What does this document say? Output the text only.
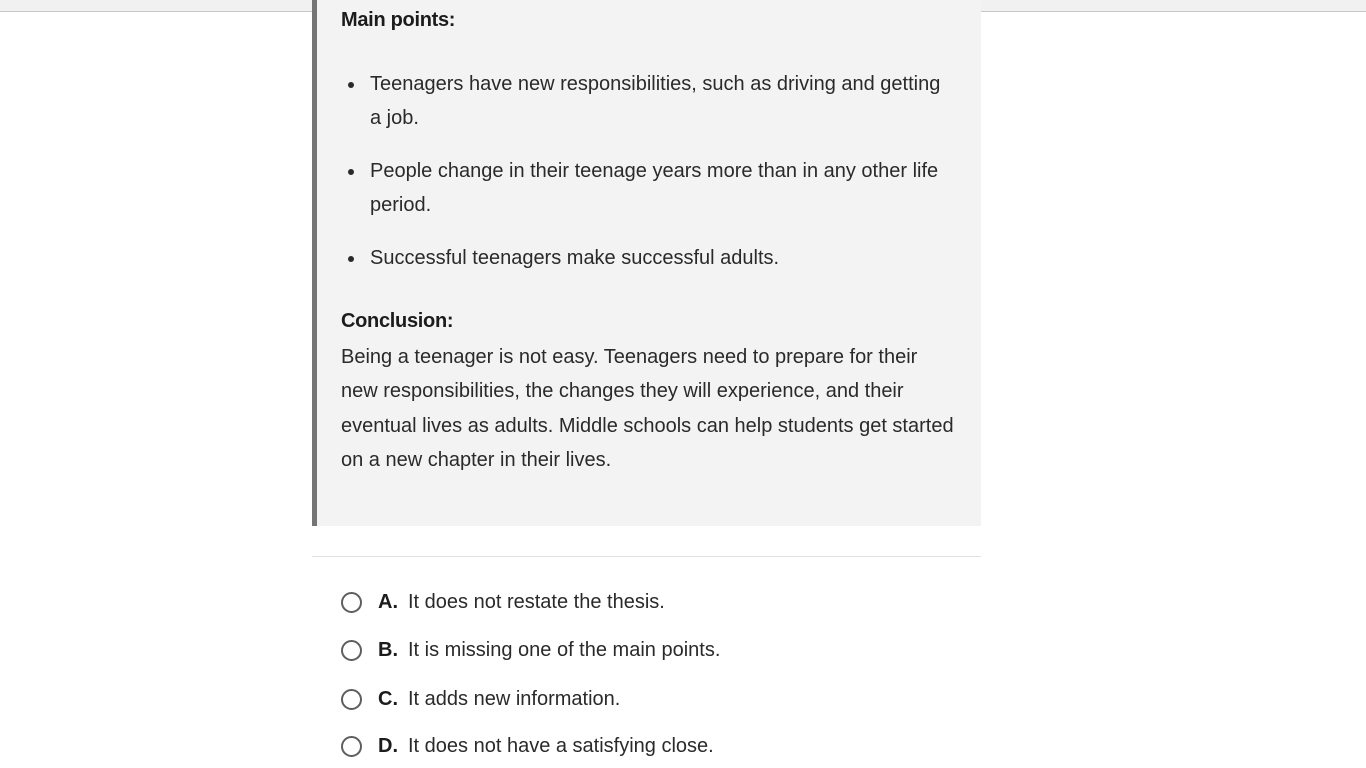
Main points:
Teenagers have new responsibilities, such as driving and getting a job.
People change in their teenage years more than in any other life period.
Successful teenagers make successful adults.
Conclusion:
Being a teenager is not easy. Teenagers need to prepare for their new responsibilities, the changes they will experience, and their eventual lives as adults. Middle schools can help students get started on a new chapter in their lives.
A. It does not restate the thesis.
B. It is missing one of the main points.
C. It adds new information.
D. It does not have a satisfying close.
